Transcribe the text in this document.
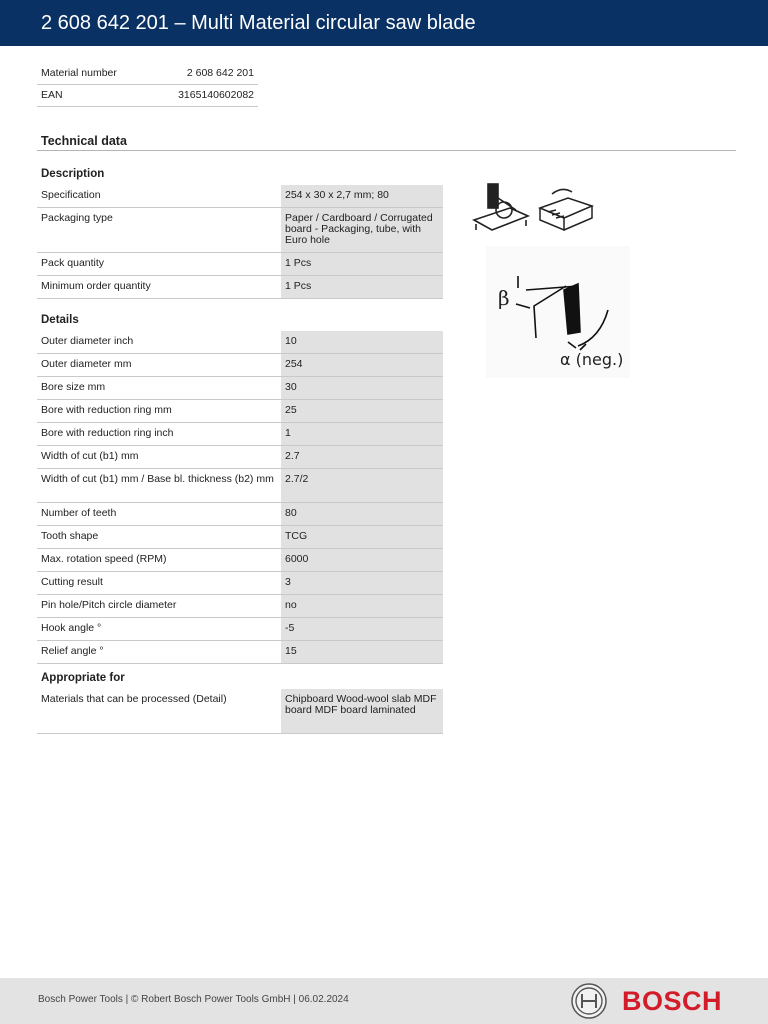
2 608 642 201 – Multi Material circular saw blade
Material number	2 608 642 201
EAN	3165140602082
Technical data
Description
Specification	254 x 30 x 2,7 mm; 80
Packaging type	Paper / Cardboard / Corrugated board - Packaging, tube, with Euro hole
Pack quantity	1 Pcs
Minimum order quantity	1 Pcs
Details
Outer diameter inch	10
Outer diameter mm	254
Bore size mm	30
Bore with reduction ring mm	25
Bore with reduction ring inch	1
Width of cut (b1) mm	2.7
Width of cut (b1) mm / Base bl. thickness (b2) mm	2.7/2
Number of teeth	80
Tooth shape	TCG
Max. rotation speed (RPM)	6000
Cutting result	3
Pin hole/Pitch circle diameter	no
Hook angle °	-5
Relief angle °	15
Appropriate for
Materials that can be processed (Detail)	Chipboard Wood-wool slab MDF board MDF board laminated
β
α (neg.)
Bosch Power Tools | © Robert Bosch Power Tools GmbH | 06.02.2024	BOSCH
